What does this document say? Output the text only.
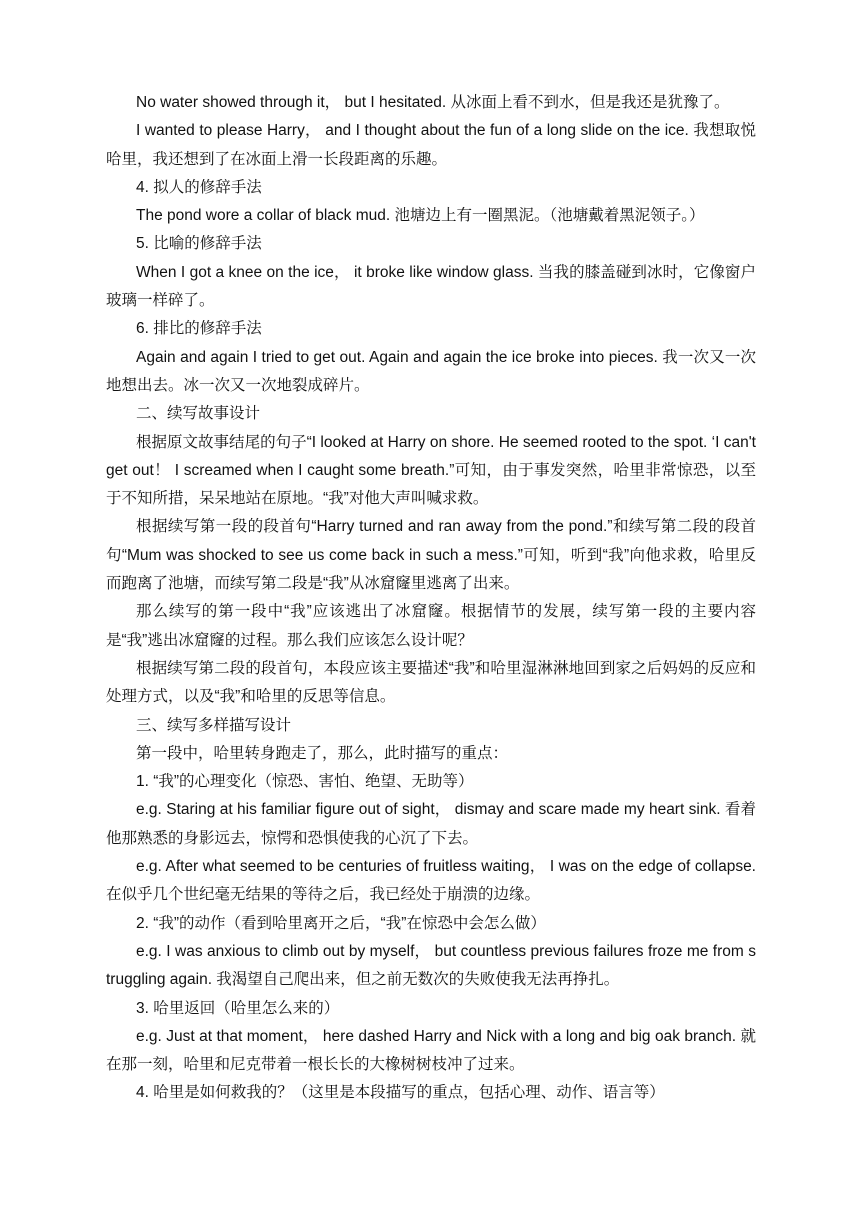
No water showed through it， but I hesitated. 从冰面上看不到水，但是我还是犹豫了。

I wanted to please Harry， and I thought about the fun of a long slide on the ice. 我想取悦哈里，我还想到了在冰面上滑一长段距离的乐趣。

4. 拟人的修辞手法

The pond wore a collar of black mud. 池塘边上有一圈黑泥。（池塘戴着黑泥领子。）

5. 比喻的修辞手法

When I got a knee on the ice， it broke like window glass. 当我的膝盖碰到冰时，它像窗户玻璃一样碎了。

6. 排比的修辞手法

Again and again I tried to get out. Again and again the ice broke into pieces. 我一次又一次地想出去。冰一次又一次地裂成碎片。

二、续写故事设计

根据原文故事结尾的句子“I looked at Harry on shore. He seemed rooted to the spot. ‘I can't get out！ I screamed when I caught some breath.”可知，由于事发突然，哈里非常惊恐，以至于不知所措，呆呆地站在原地。“我”对他大声叫喊求救。

根据续写第一段的段首句“Harry turned and ran away from the pond.”和续写第二段的段首句“Mum was shocked to see us come back in such a mess.”可知，听到“我”向他求救，哈里反而跑离了池塘，而续写第二段是“我”从冰窟窿里逃离了出来。

那么续写的第一段中“我”应该逃出了冰窟窿。根据情节的发展，续写第一段的主要内容是“我”逃出冰窟窿的过程。那么我们应该怎么设计呢？

根据续写第二段的段首句，本段应该主要描述“我”和哈里湿淋淋地回到家之后妈妈的反应和处理方式，以及“我”和哈里的反思等信息。

三、续写多样描写设计

第一段中，哈里转身跑走了，那么，此时描写的重点：

1. “我”的心理变化（惊恐、害怕、绝望、无助等）

e.g. Staring at his familiar figure out of sight， dismay and scare made my heart sink. 看着他那熟悉的身影远去，惊愕和恐惧使我的心沉了下去。

e.g. After what seemed to be centuries of fruitless waiting， I was on the edge of collapse. 在似乎几个世纪毫无结果的等待之后，我已经处于崩溃的边缘。

2. “我”的动作（看到哈里离开之后，“我”在惊恐中会怎么做）

e.g. I was anxious to climb out by myself， but countless previous failures froze me from struggling again. 我渴望自己爬出来，但之前无数次的失败使我无法再挣扎。

3. 哈里返回（哈里怎么来的）

e.g. Just at that moment， here dashed Harry and Nick with a long and big oak branch. 就在那一刻，哈里和尼克带着一根长长的大橡树树枝冲了过来。

4. 哈里是如何救我的？（这里是本段描写的重点，包括心理、动作、语言等）
